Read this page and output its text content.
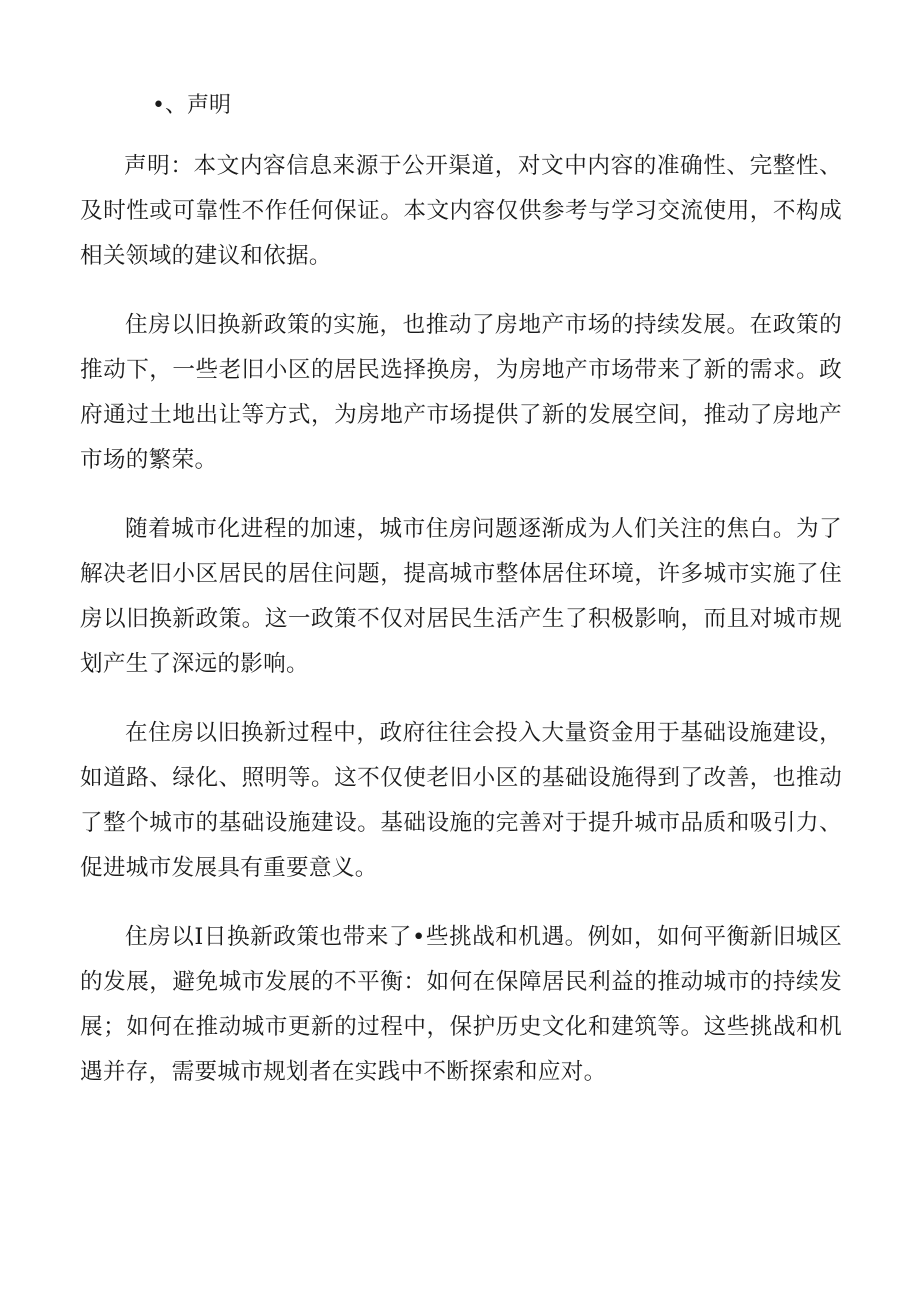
•、声明

声明：本文内容信息来源于公开渠道，对文中内容的准确性、完整性、及时性或可靠性不作任何保证。本文内容仅供参考与学习交流使用，不构成相关领域的建议和依据。

住房以旧换新政策的实施，也推动了房地产市场的持续发展。在政策的推动下，一些老旧小区的居民选择换房，为房地产市场带来了新的需求。政府通过土地出让等方式，为房地产市场提供了新的发展空间，推动了房地产市场的繁荣。

随着城市化进程的加速，城市住房问题逐渐成为人们关注的焦白。为了解决老旧小区居民的居住问题，提高城市整体居住环境，许多城市实施了住房以旧换新政策。这一政策不仅对居民生活产生了积极影响，而且对城市规划产生了深远的影响。

在住房以旧换新过程中，政府往往会投入大量资金用于基础设施建设，如道路、绿化、照明等。这不仅使老旧小区的基础设施得到了改善，也推动了整个城市的基础设施建设。基础设施的完善对于提升城市品质和吸引力、促进城市发展具有重要意义。

住房以I日换新政策也带来了•些挑战和机遇。例如，如何平衡新旧城区的发展，避免城市发展的不平衡：如何在保障居民利益的推动城市的持续发展；如何在推动城市更新的过程中，保护历史文化和建筑等。这些挑战和机遇并存，需要城市规划者在实践中不断探索和应对。
